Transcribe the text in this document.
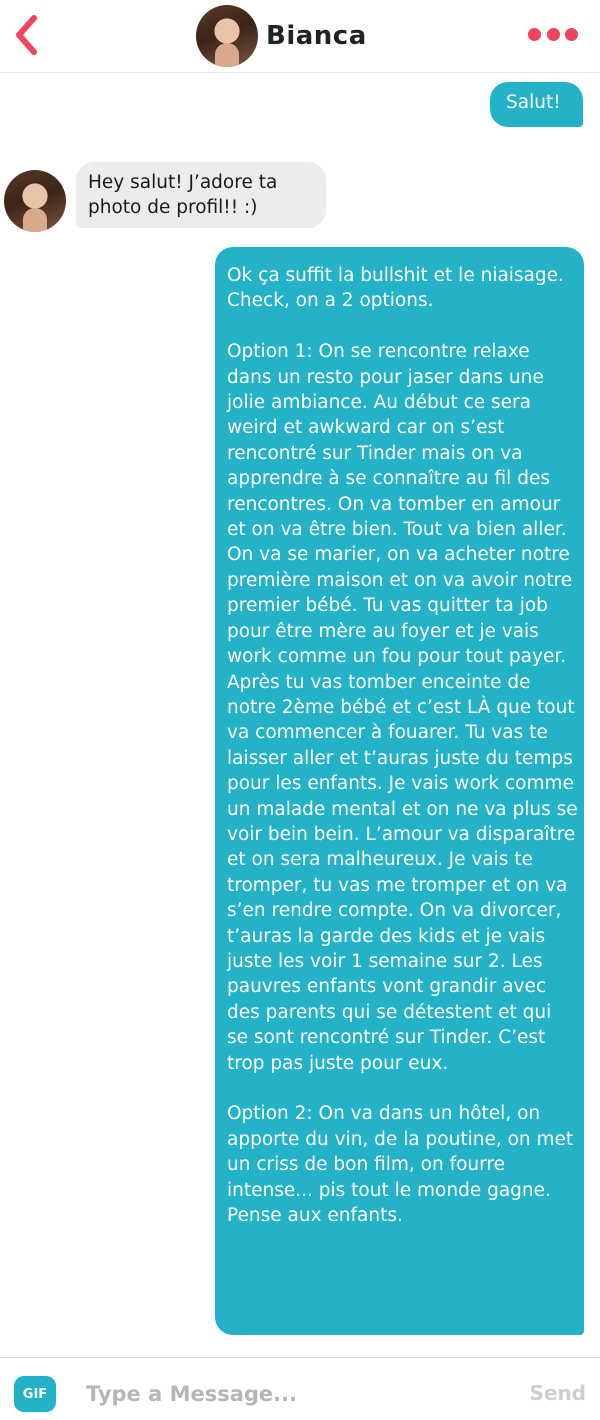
Bianca
Salut!
Hey salut! J’adore ta photo de profil!! :)
Ok ça suffit la bullshit et le niaisage. Check, on a 2 options.

Option 1: On se rencontre relaxe dans un resto pour jaser dans une jolie ambiance. Au début ce sera weird et awkward car on s’est rencontré sur Tinder mais on va apprendre à se connaître au fil des rencontres. On va tomber en amour et on va être bien. Tout va bien aller. On va se marier, on va acheter notre première maison et on va avoir notre premier bébé. Tu vas quitter ta job pour être mère au foyer et je vais work comme un fou pour tout payer. Après tu vas tomber enceinte de notre 2ème bébé et c’est LÀ que tout va commencer à fouarer. Tu vas te laisser aller et t’auras juste du temps pour les enfants. Je vais work comme un malade mental et on ne va plus se voir bein bein. L’amour va disparaître et on sera malheureux. Je vais te tromper, tu vas me tromper et on va s’en rendre compte. On va divorcer, t’auras la garde des kids et je vais juste les voir 1 semaine sur 2. Les pauvres enfants vont grandir avec des parents qui se détestent et qui se sont rencontré sur Tinder. C’est trop pas juste pour eux.

Option 2: On va dans un hôtel, on apporte du vin, de la poutine, on met un criss de bon film, on fourre intense... pis tout le monde gagne. Pense aux enfants.
GIF
Type a Message...	Send
